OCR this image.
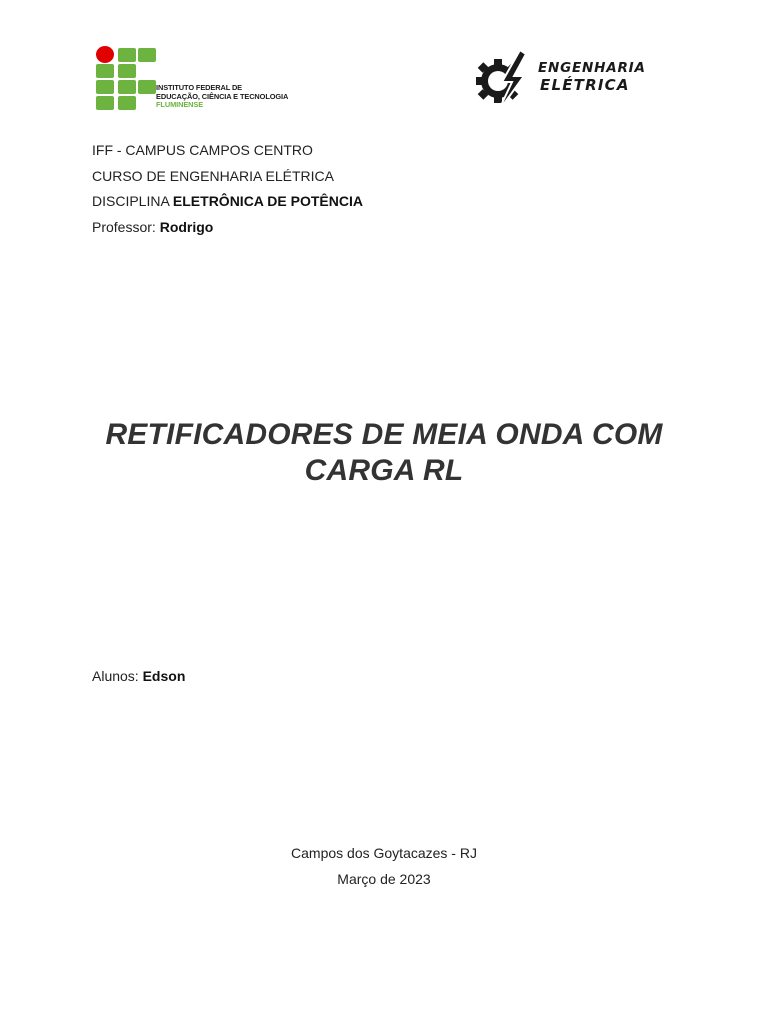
INSTITUTO FEDERAL DE
EDUCAÇÃO, CIÊNCIA E TECNOLOGIA
FLUMINENSE
ENGENHARIA
ELÉTRICA

IFF - CAMPUS CAMPOS CENTRO

CURSO DE ENGENHARIA ELÉTRICA

DISCIPLINA ELETRÔNICA DE POTÊNCIA

Professor: Rodrigo

RETIFICADORES DE MEIA ONDA COM
CARGA RL
Alunos: Edson

Campos dos Goytacazes - RJ

Março de 2023
